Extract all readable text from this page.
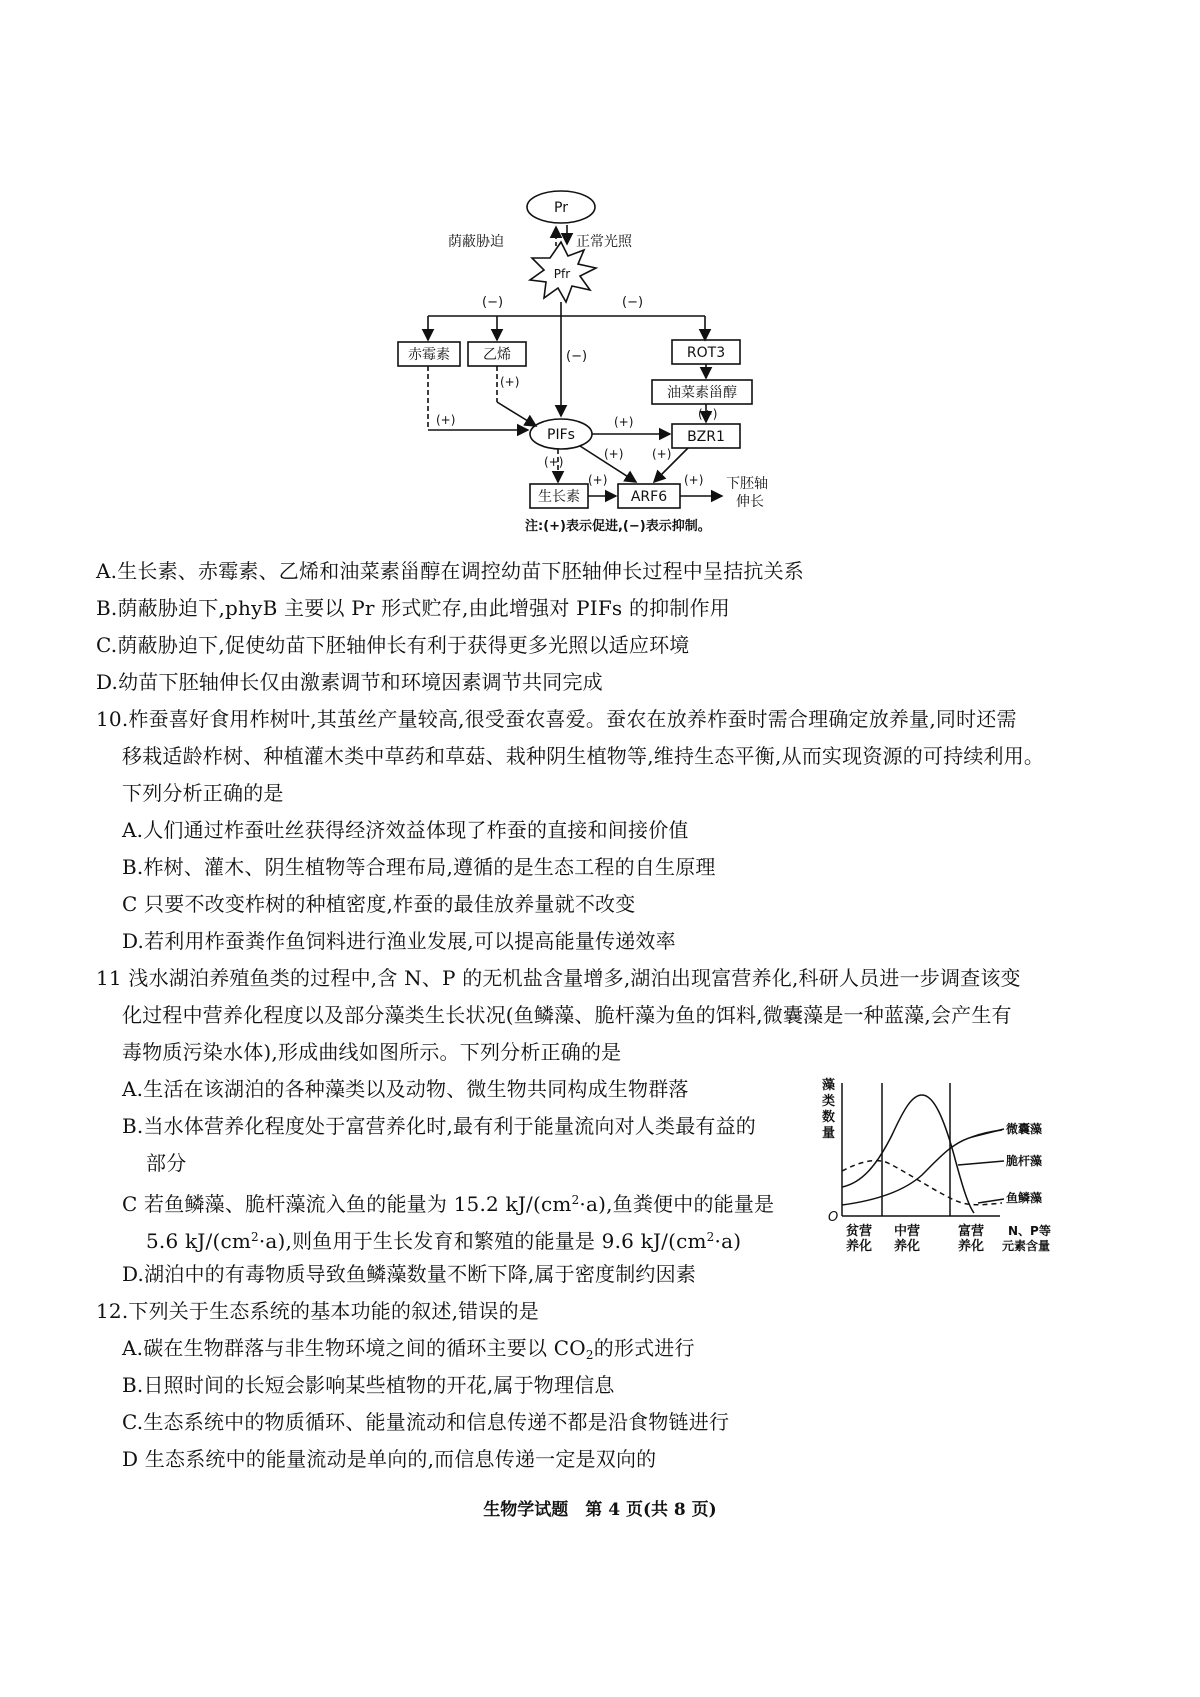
Pr
Pfr
荫蔽胁迫	正常光照
(−)	(−)
(−)
赤霉素 乙烯	ROT3
油菜素甾醇
BZR1
PIFs
生长素	ARF6
下胚轴
伸长
(+)
(+)	(+)
(+)
(+) (+)
(+)
(+)	(+)
注:(+)表示促进,(−)表示抑制。
A.生长素、赤霉素、乙烯和油菜素甾醇在调控幼苗下胚轴伸长过程中呈拮抗关系
B.荫蔽胁迫下,phyB 主要以 Pr 形式贮存,由此增强对 PIFs 的抑制作用
C.荫蔽胁迫下,促使幼苗下胚轴伸长有利于获得更多光照以适应环境
D.幼苗下胚轴伸长仅由激素调节和环境因素调节共同完成
10.柞蚕喜好食用柞树叶,其茧丝产量较高,很受蚕农喜爱。蚕农在放养柞蚕时需合理确定放养量,同时还需
移栽适龄柞树、种植灌木类中草药和草菇、栽种阴生植物等,维持生态平衡,从而实现资源的可持续利用。
下列分析正确的是
A.人们通过柞蚕吐丝获得经济效益体现了柞蚕的直接和间接价值
B.柞树、灌木、阴生植物等合理布局,遵循的是生态工程的自生原理
C 只要不改变柞树的种植密度,柞蚕的最佳放养量就不改变
D.若利用柞蚕粪作鱼饲料进行渔业发展,可以提高能量传递效率
11 浅水湖泊养殖鱼类的过程中,含 N、P 的无机盐含量增多,湖泊出现富营养化,科研人员进一步调查该变
化过程中营养化程度以及部分藻类生长状况(鱼鳞藻、脆杆藻为鱼的饵料,微囊藻是一种蓝藻,会产生有
毒物质污染水体),形成曲线如图所示。下列分析正确的是
A.生活在该湖泊的各种藻类以及动物、微生物共同构成生物群落
B.当水体营养化程度处于富营养化时,最有利于能量流向对人类最有益的
部分
C 若鱼鳞藻、脆杆藻流入鱼的能量为 15.2 $kJ/(cm^2\cdot a)$,鱼粪便中的能量是
5.6 $kJ/(cm^2\cdot a)$,则鱼用于生长发育和繁殖的能量是 9.6 $kJ/(cm^2\cdot a)$
D.湖泊中的有毒物质导致鱼鳞藻数量不断下降,属于密度制约因素
藻
类
数
量
O
贫营
养化
中营
养化
富营
养化
N、P等
元素含量
微囊藻
脆杆藻
鱼鳞藻
12.下列关于生态系统的基本功能的叙述,错误的是
A.碳在生物群落与非生物环境之间的循环主要以 $CO_2$的形式进行
B.日照时间的长短会影响某些植物的开花,属于物理信息
C.生态系统中的物质循环、能量流动和信息传递不都是沿食物链进行
D 生态系统中的能量流动是单向的,而信息传递一定是双向的
生物学试题　第 4 页(共 8 页)
